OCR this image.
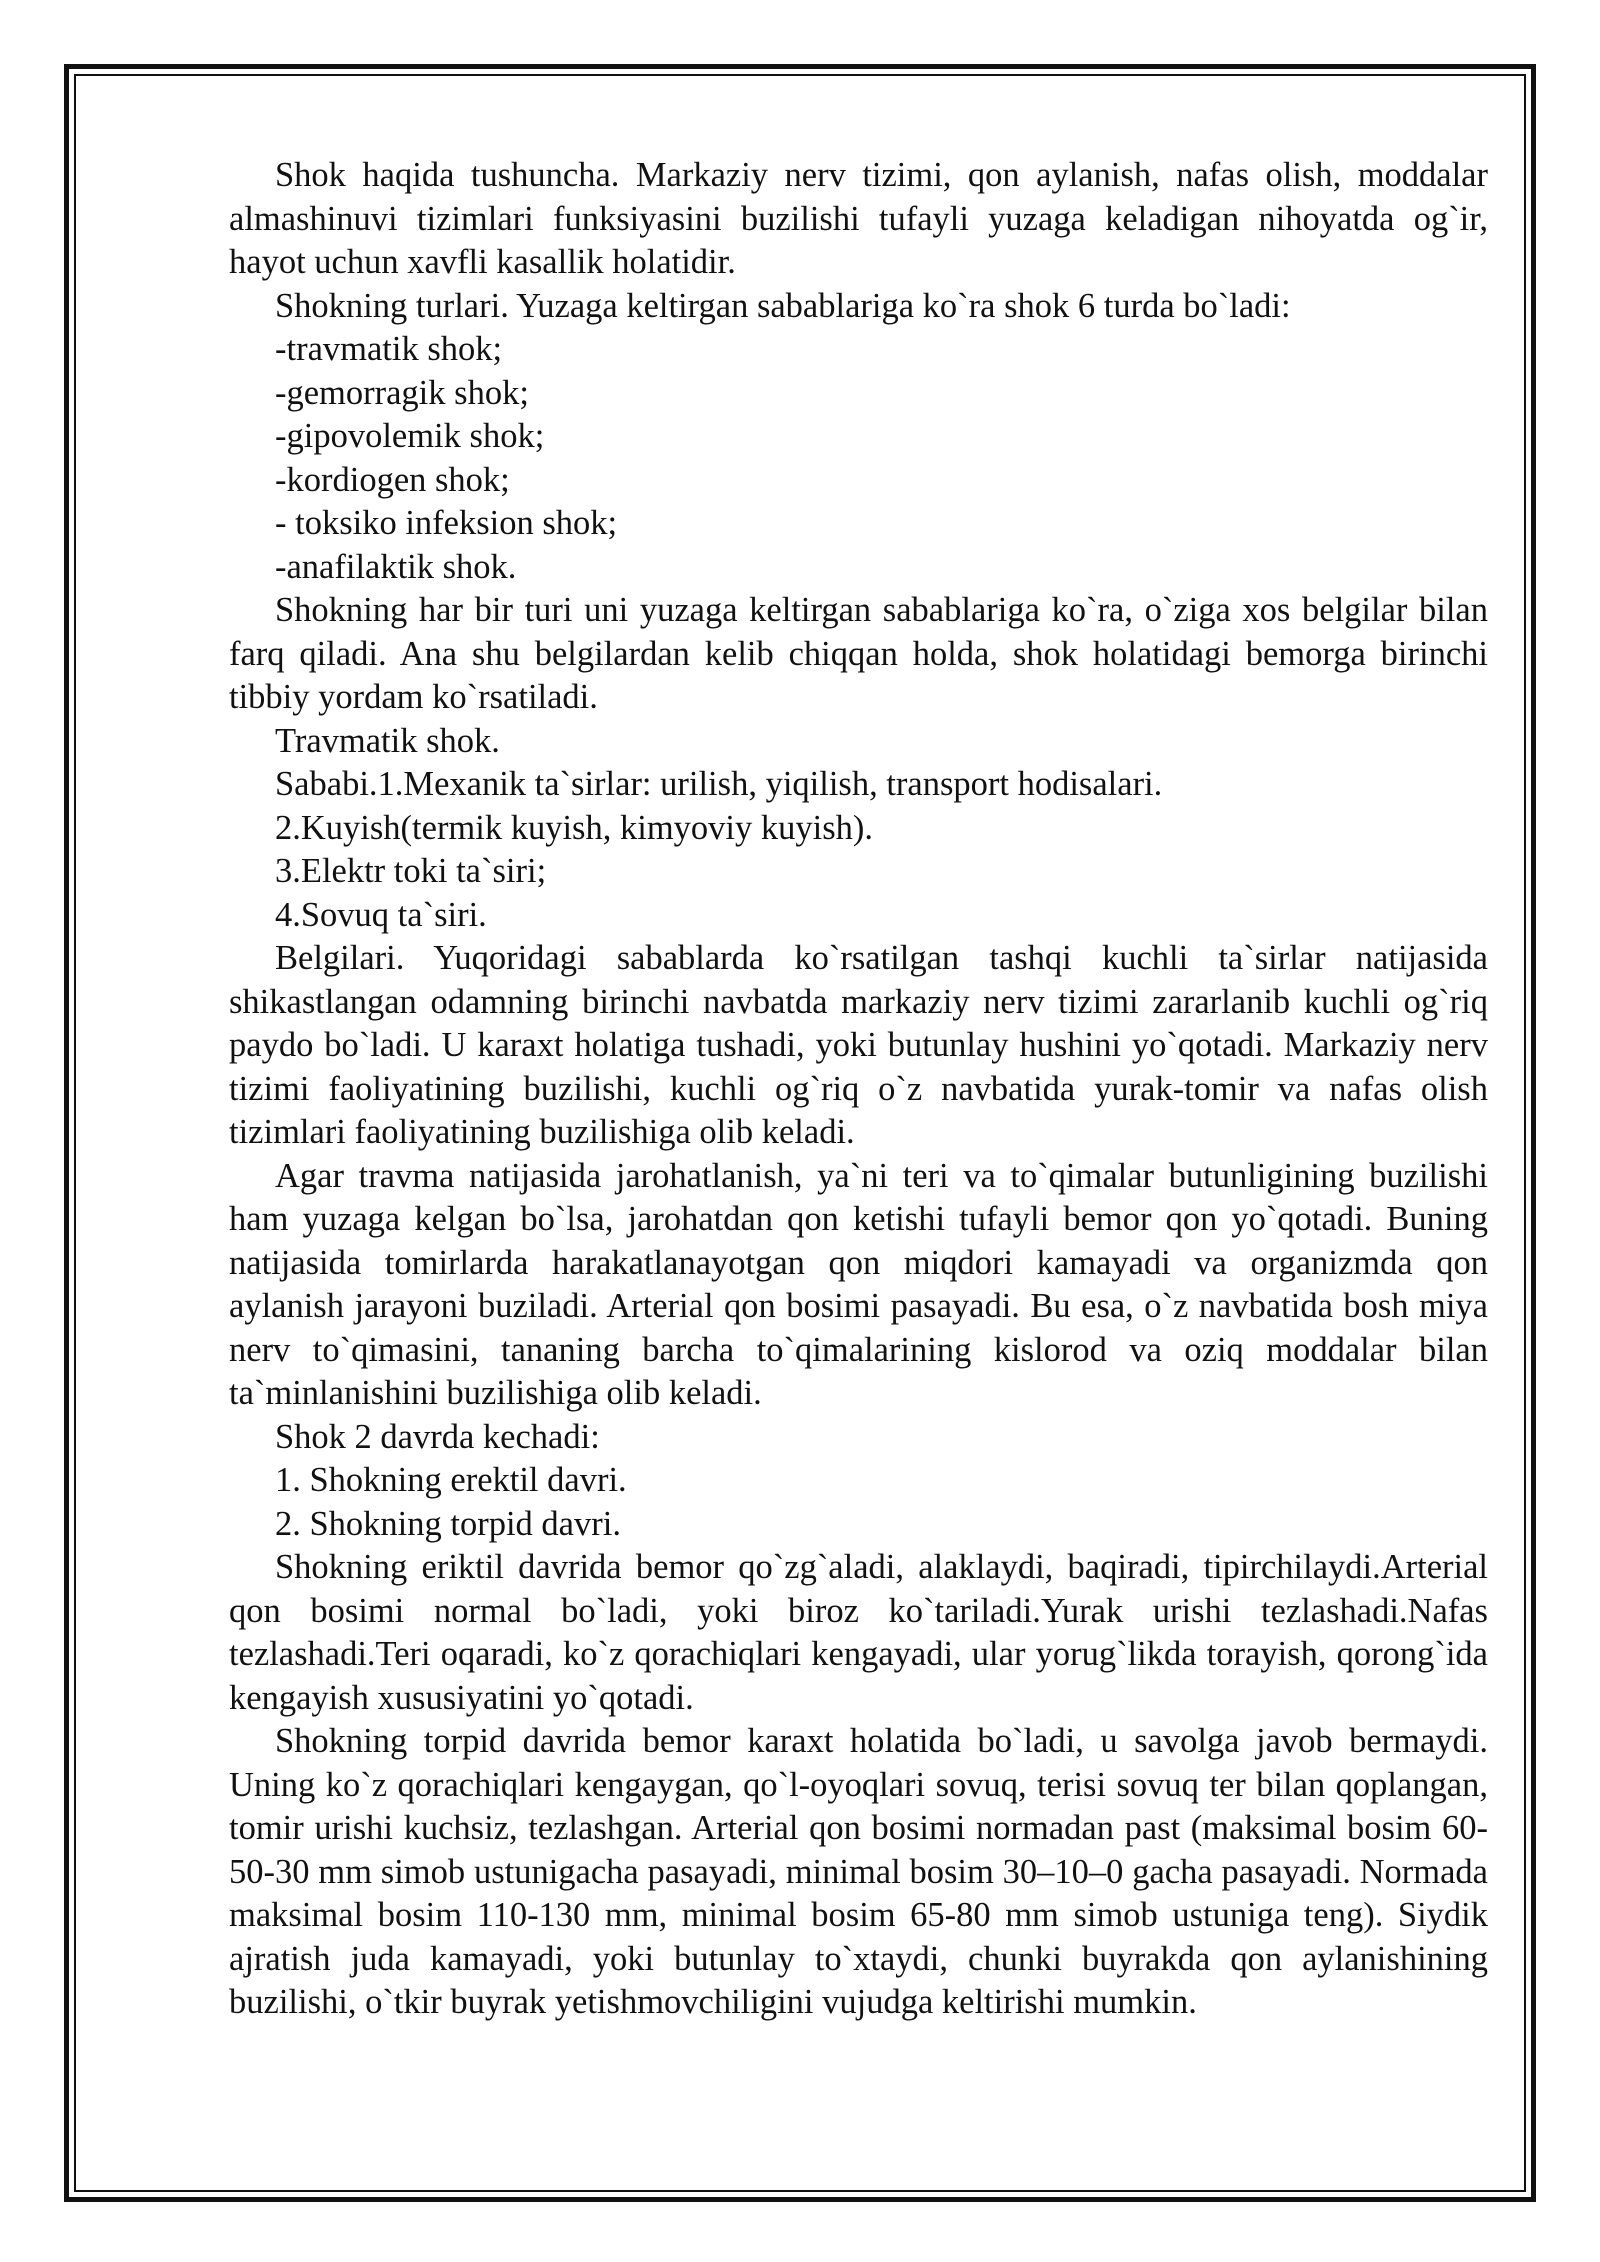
Shok haqida tushuncha. Markaziy nerv tizimi, qon aylanish, nafas olish, moddalar almashinuvi tizimlari funksiyasini buzilishi tufayli yuzaga keladigan nihoyatda og`ir, hayot uchun xavfli kasallik holatidir.

Shokning turlari. Yuzaga keltirgan sabablariga ko`ra shok 6 turda bo`ladi:

-travmatik shok;

-gemorragik shok;

-gipovolemik shok;

-kordiogen shok;

- toksiko infeksion shok;

-anafilaktik shok.

Shokning har bir turi uni yuzaga keltirgan sabablariga ko`ra, o`ziga xos belgilar bilan farq qiladi. Ana shu belgilardan kelib chiqqan holda, shok holatidagi bemorga birinchi tibbiy yordam ko`rsatiladi.

Travmatik shok.

Sababi.1.Mexanik ta`sirlar: urilish, yiqilish, transport hodisalari.

2.Kuyish(termik kuyish, kimyoviy kuyish).

3.Elektr toki ta`siri;

4.Sovuq ta`siri.

Belgilari. Yuqoridagi sabablarda ko`rsatilgan tashqi kuchli ta`sirlar natijasida shikastlangan odamning birinchi navbatda markaziy nerv tizimi zararlanib kuchli og`riq paydo bo`ladi. U karaxt holatiga tushadi, yoki butunlay hushini yo`qotadi. Markaziy nerv tizimi faoliyatining buzilishi, kuchli og`riq o`z navbatida yurak-tomir va nafas olish tizimlari faoliyatining buzilishiga olib keladi.

Agar travma natijasida jarohatlanish, ya`ni teri va to`qimalar butunligining buzilishi ham yuzaga kelgan bo`lsa, jarohatdan qon ketishi tufayli bemor qon yo`qotadi. Buning natijasida tomirlarda harakatlanayotgan qon miqdori kamayadi va organizmda qon aylanish jarayoni buziladi. Arterial qon bosimi pasayadi. Bu esa, o`z navbatida bosh miya nerv to`qimasini, tananing barcha to`qimalarining kislorod va oziq moddalar bilan ta`minlanishini buzilishiga olib keladi.

Shok 2 davrda kechadi:

1. Shokning erektil davri.

2. Shokning torpid davri.

Shokning eriktil davrida bemor qo`zg`aladi, alaklaydi, baqiradi, tipirchilaydi.Arterial qon bosimi normal bo`ladi, yoki biroz ko`tariladi.Yurak urishi tezlashadi.Nafas tezlashadi.Teri oqaradi, ko`z qorachiqlari kengayadi, ular yorug`likda torayish, qorong`ida kengayish xususiyatini yo`qotadi.

Shokning torpid davrida bemor karaxt holatida bo`ladi, u savolga javob bermaydi. Uning ko`z qorachiqlari kengaygan, qo`l-oyoqlari sovuq, terisi sovuq ter bilan qoplangan, tomir urishi kuchsiz, tezlashgan. Arterial qon bosimi normadan past (maksimal bosim 60-50-30 mm simob ustunigacha pasayadi, minimal bosim 30–10–0 gacha pasayadi. Normada maksimal bosim 110-130 mm, minimal bosim 65-80 mm simob ustuniga teng). Siydik ajratish juda kamayadi, yoki butunlay to`xtaydi, chunki buyrakda qon aylanishining buzilishi, o`tkir buyrak yetishmovchiligini vujudga keltirishi mumkin.
